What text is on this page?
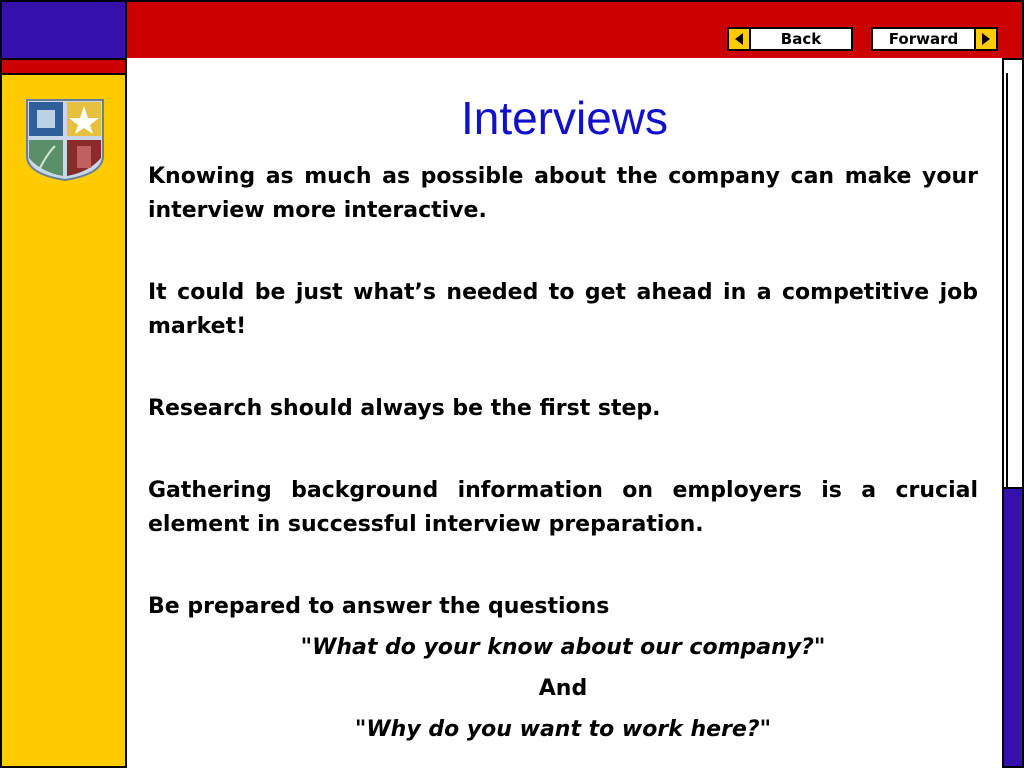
Back	Forward
Interviews

Knowing as much as possible about the company can make your interview more interactive.

It could be just what’s needed to get ahead in a competitive job market!

Research should always be the first step.

Gathering background information on employers is a crucial element in successful interview preparation.

Be prepared to answer the questions

"What do your know about our company?"

And

"Why do you want to work here?"
